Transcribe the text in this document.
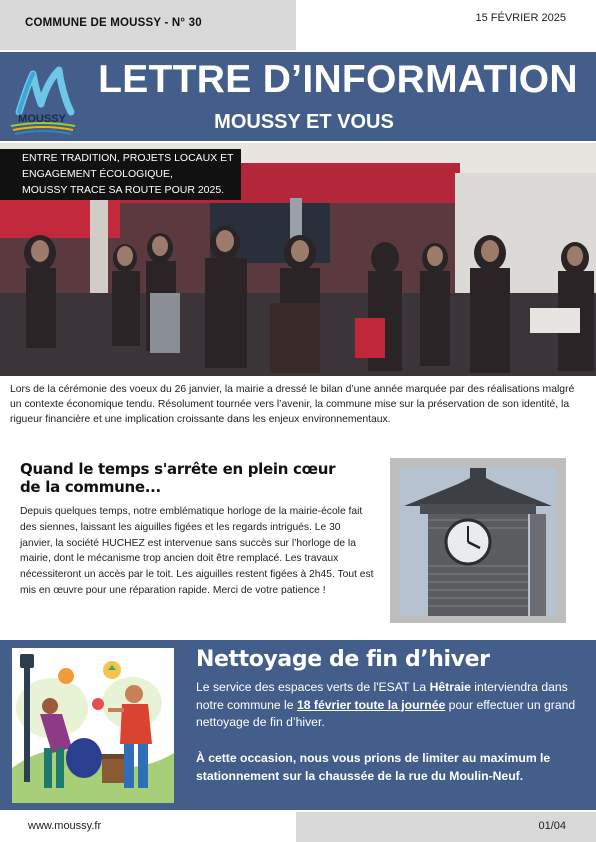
COMMUNE DE MOUSSY - N° 30	15 FÉVRIER 2025
MOUSSY
LETTRE D’INFORMATION
MOUSSY ET VOUS
ENTRE TRADITION, PROJETS LOCAUX ET ENGAGEMENT ÉCOLOGIQUE,
MOUSSY TRACE SA ROUTE POUR 2025.
Lors de la cérémonie des voeux du 26 janvier, la mairie a dressé le bilan d’une année marquée par des réalisations malgré un contexte économique tendu. Résolument tournée vers l’avenir, la commune mise sur la préservation de son identité, la rigueur financière et une implication croissante dans les enjeux environnementaux.
Quand le temps s'arrête en plein cœur de la commune...
Depuis quelques temps, notre emblématique horloge de la mairie-école fait des siennes, laissant les aiguilles figées et les regards intrigués. Le 30 janvier, la société HUCHEZ est intervenue sans succès sur l’horloge de la mairie, dont le mécanisme trop ancien doit être remplacé. Les travaux nécessiteront un accès par le toit. Les aiguilles restent figées à 2h45. Tout est mis en œuvre pour une réparation rapide. Merci de votre patience !
Nettoyage de fin d’hiver
Le service des espaces verts de l'ESAT La Hêtraie interviendra dans notre commune le 18 février toute la journée pour effectuer un grand nettoyage de fin d’hiver.
À cette occasion, nous vous prions de limiter au maximum le stationnement sur la chaussée de la rue du Moulin-Neuf.
www.moussy.fr	01/04
